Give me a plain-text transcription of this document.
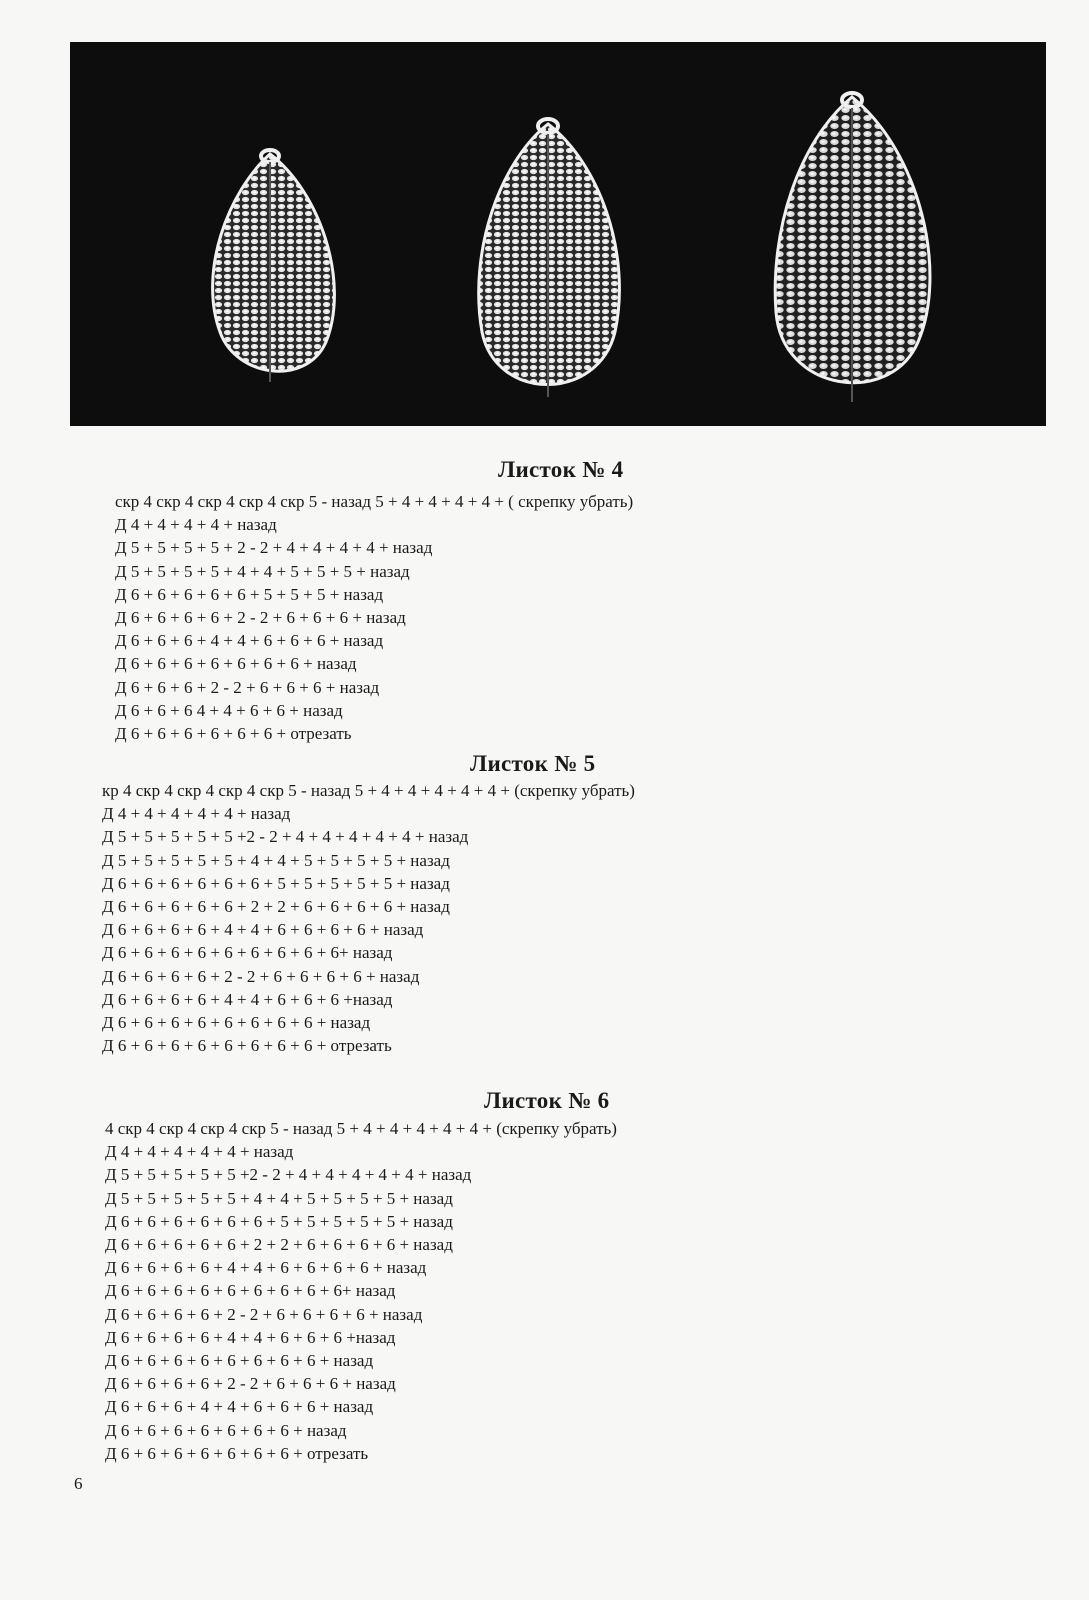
Листок № 4
скр 4 скр 4 скр 4 скр 4 скр 5 - назад 5 + 4 + 4 + 4 + 4 + ( скрепку убрать)
Д 4 + 4 + 4 + 4 + назад
Д 5 + 5 + 5 + 5 + 2 - 2 + 4 + 4 + 4 + 4 + назад
Д 5 + 5 + 5 + 5 + 4 + 4 + 5 + 5 + 5 + назад
Д 6 + 6 + 6 + 6 + 6 + 5 + 5 + 5 + назад
Д 6 + 6 + 6 + 6 + 2 - 2 + 6 + 6 + 6 + назад
Д 6 + 6 + 6 + 4 + 4 + 6 + 6 + 6 + назад
Д 6 + 6 + 6 + 6 + 6 + 6 + 6 + назад
Д 6 + 6 + 6 + 2 - 2 + 6 + 6 + 6 + назад
Д 6 + 6 + 6 4 + 4 + 6 + 6 + назад
Д 6 + 6 + 6 + 6 + 6 + 6 + отрезать
Листок № 5
кр 4 скр 4 скр 4 скр 4 скр 5 - назад 5 + 4 + 4 + 4 + 4 + 4 + (скрепку убрать)
Д 4 + 4 + 4 + 4 + 4 + назад
Д 5 + 5 + 5 + 5 + 5 +2 - 2 + 4 + 4 + 4 + 4 + 4 + назад
Д 5 + 5 + 5 + 5 + 5 + 4 + 4 + 5 + 5 + 5 + 5 + назад
Д 6 + 6 + 6 + 6 + 6 + 6 + 5 + 5 + 5 + 5 + 5 + назад
Д 6 + 6 + 6 + 6 + 6 + 2 + 2 + 6 + 6 + 6 + 6 + назад
Д 6 + 6 + 6 + 6 + 4 + 4 + 6 + 6 + 6 + 6 + назад
Д 6 + 6 + 6 + 6 + 6 + 6 + 6 + 6 + 6+ назад
Д 6 + 6 + 6 + 6 + 2 - 2 + 6 + 6 + 6 + 6 + назад
Д 6 + 6 + 6 + 6 + 4 + 4 + 6 + 6 + 6 +назад
Д 6 + 6 + 6 + 6 + 6 + 6 + 6 + 6 + назад
Д 6 + 6 + 6 + 6 + 6 + 6 + 6 + 6 + отрезать
Листок № 6
4 скр 4 скр 4 скр 4 скр 5 - назад 5 + 4 + 4 + 4 + 4 + 4 + (скрепку убрать)
Д 4 + 4 + 4 + 4 + 4 + назад
Д 5 + 5 + 5 + 5 + 5 +2 - 2 + 4 + 4 + 4 + 4 + 4 + назад
Д 5 + 5 + 5 + 5 + 5 + 4 + 4 + 5 + 5 + 5 + 5 + назад
Д 6 + 6 + 6 + 6 + 6 + 6 + 5 + 5 + 5 + 5 + 5 + назад
Д 6 + 6 + 6 + 6 + 6 + 2 + 2 + 6 + 6 + 6 + 6 + назад
Д 6 + 6 + 6 + 6 + 4 + 4 + 6 + 6 + 6 + 6 + назад
Д 6 + 6 + 6 + 6 + 6 + 6 + 6 + 6 + 6+ назад
Д 6 + 6 + 6 + 6 + 2 - 2 + 6 + 6 + 6 + 6 + назад
Д 6 + 6 + 6 + 6 + 4 + 4 + 6 + 6 + 6 +назад
Д 6 + 6 + 6 + 6 + 6 + 6 + 6 + 6 + назад
Д 6 + 6 + 6 + 6 + 2 - 2 + 6 + 6 + 6 + назад
Д 6 + 6 + 6 + 4 + 4 + 6 + 6 + 6 + назад
Д 6 + 6 + 6 + 6 + 6 + 6 + 6 + назад
Д 6 + 6 + 6 + 6 + 6 + 6 + 6 + отрезать
6
